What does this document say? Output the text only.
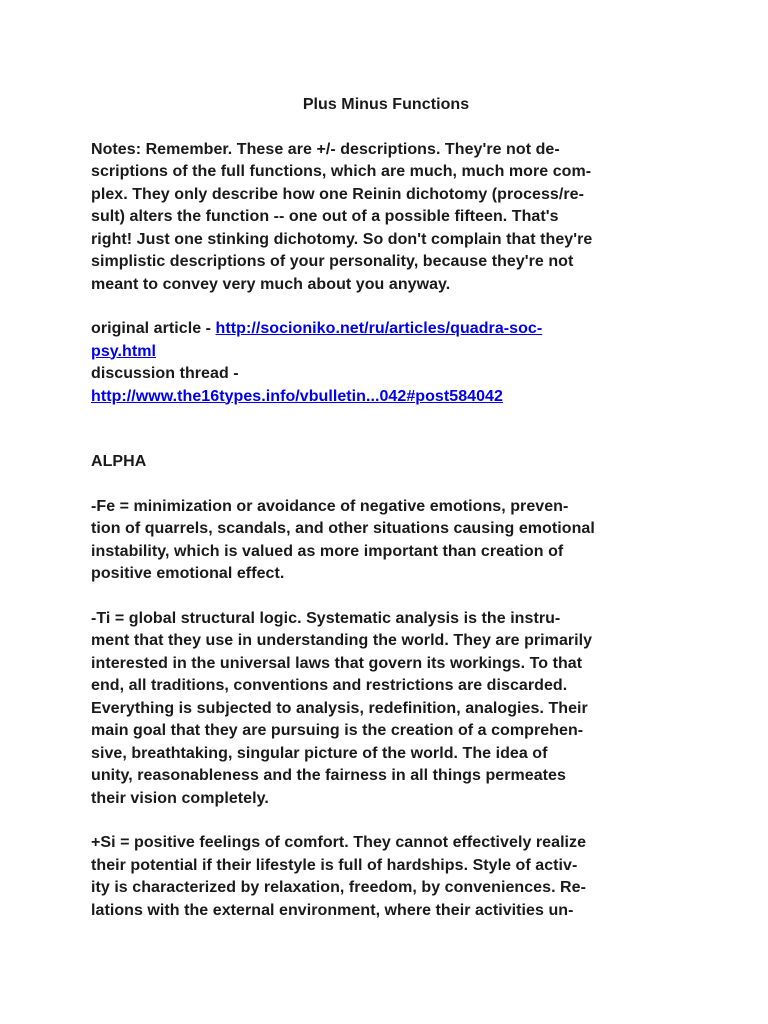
Plus Minus Functions
Notes: Remember. These are +/- descriptions. They're not de-
scriptions of the full functions, which are much, much more com-
plex. They only describe how one Reinin dichotomy (process/re-
sult) alters the function -- one out of a possible fifteen. That's
right! Just one stinking dichotomy. So don't complain that they're
simplistic descriptions of your personality, because they're not
meant to convey very much about you anyway.
original article - http://socioniko.net/ru/articles/quadra-soc-
psy.html
discussion thread -
http://www.the16types.info/vbulletin...042#post584042
ALPHA
-Fe = minimization or avoidance of negative emotions, preven-
tion of quarrels, scandals, and other situations causing emotional
instability, which is valued as more important than creation of
positive emotional effect.
-Ti = global structural logic. Systematic analysis is the instru-
ment that they use in understanding the world. They are primarily
interested in the universal laws that govern its workings. To that
end, all traditions, conventions and restrictions are discarded.
Everything is subjected to analysis, redefinition, analogies. Their
main goal that they are pursuing is the creation of a comprehen-
sive, breathtaking, singular picture of the world. The idea of
unity, reasonableness and the fairness in all things permeates
their vision completely.
+Si = positive feelings of comfort. They cannot effectively realize
their potential if their lifestyle is full of hardships. Style of activ-
ity is characterized by relaxation, freedom, by conveniences. Re-
lations with the external environment, where their activities un-
